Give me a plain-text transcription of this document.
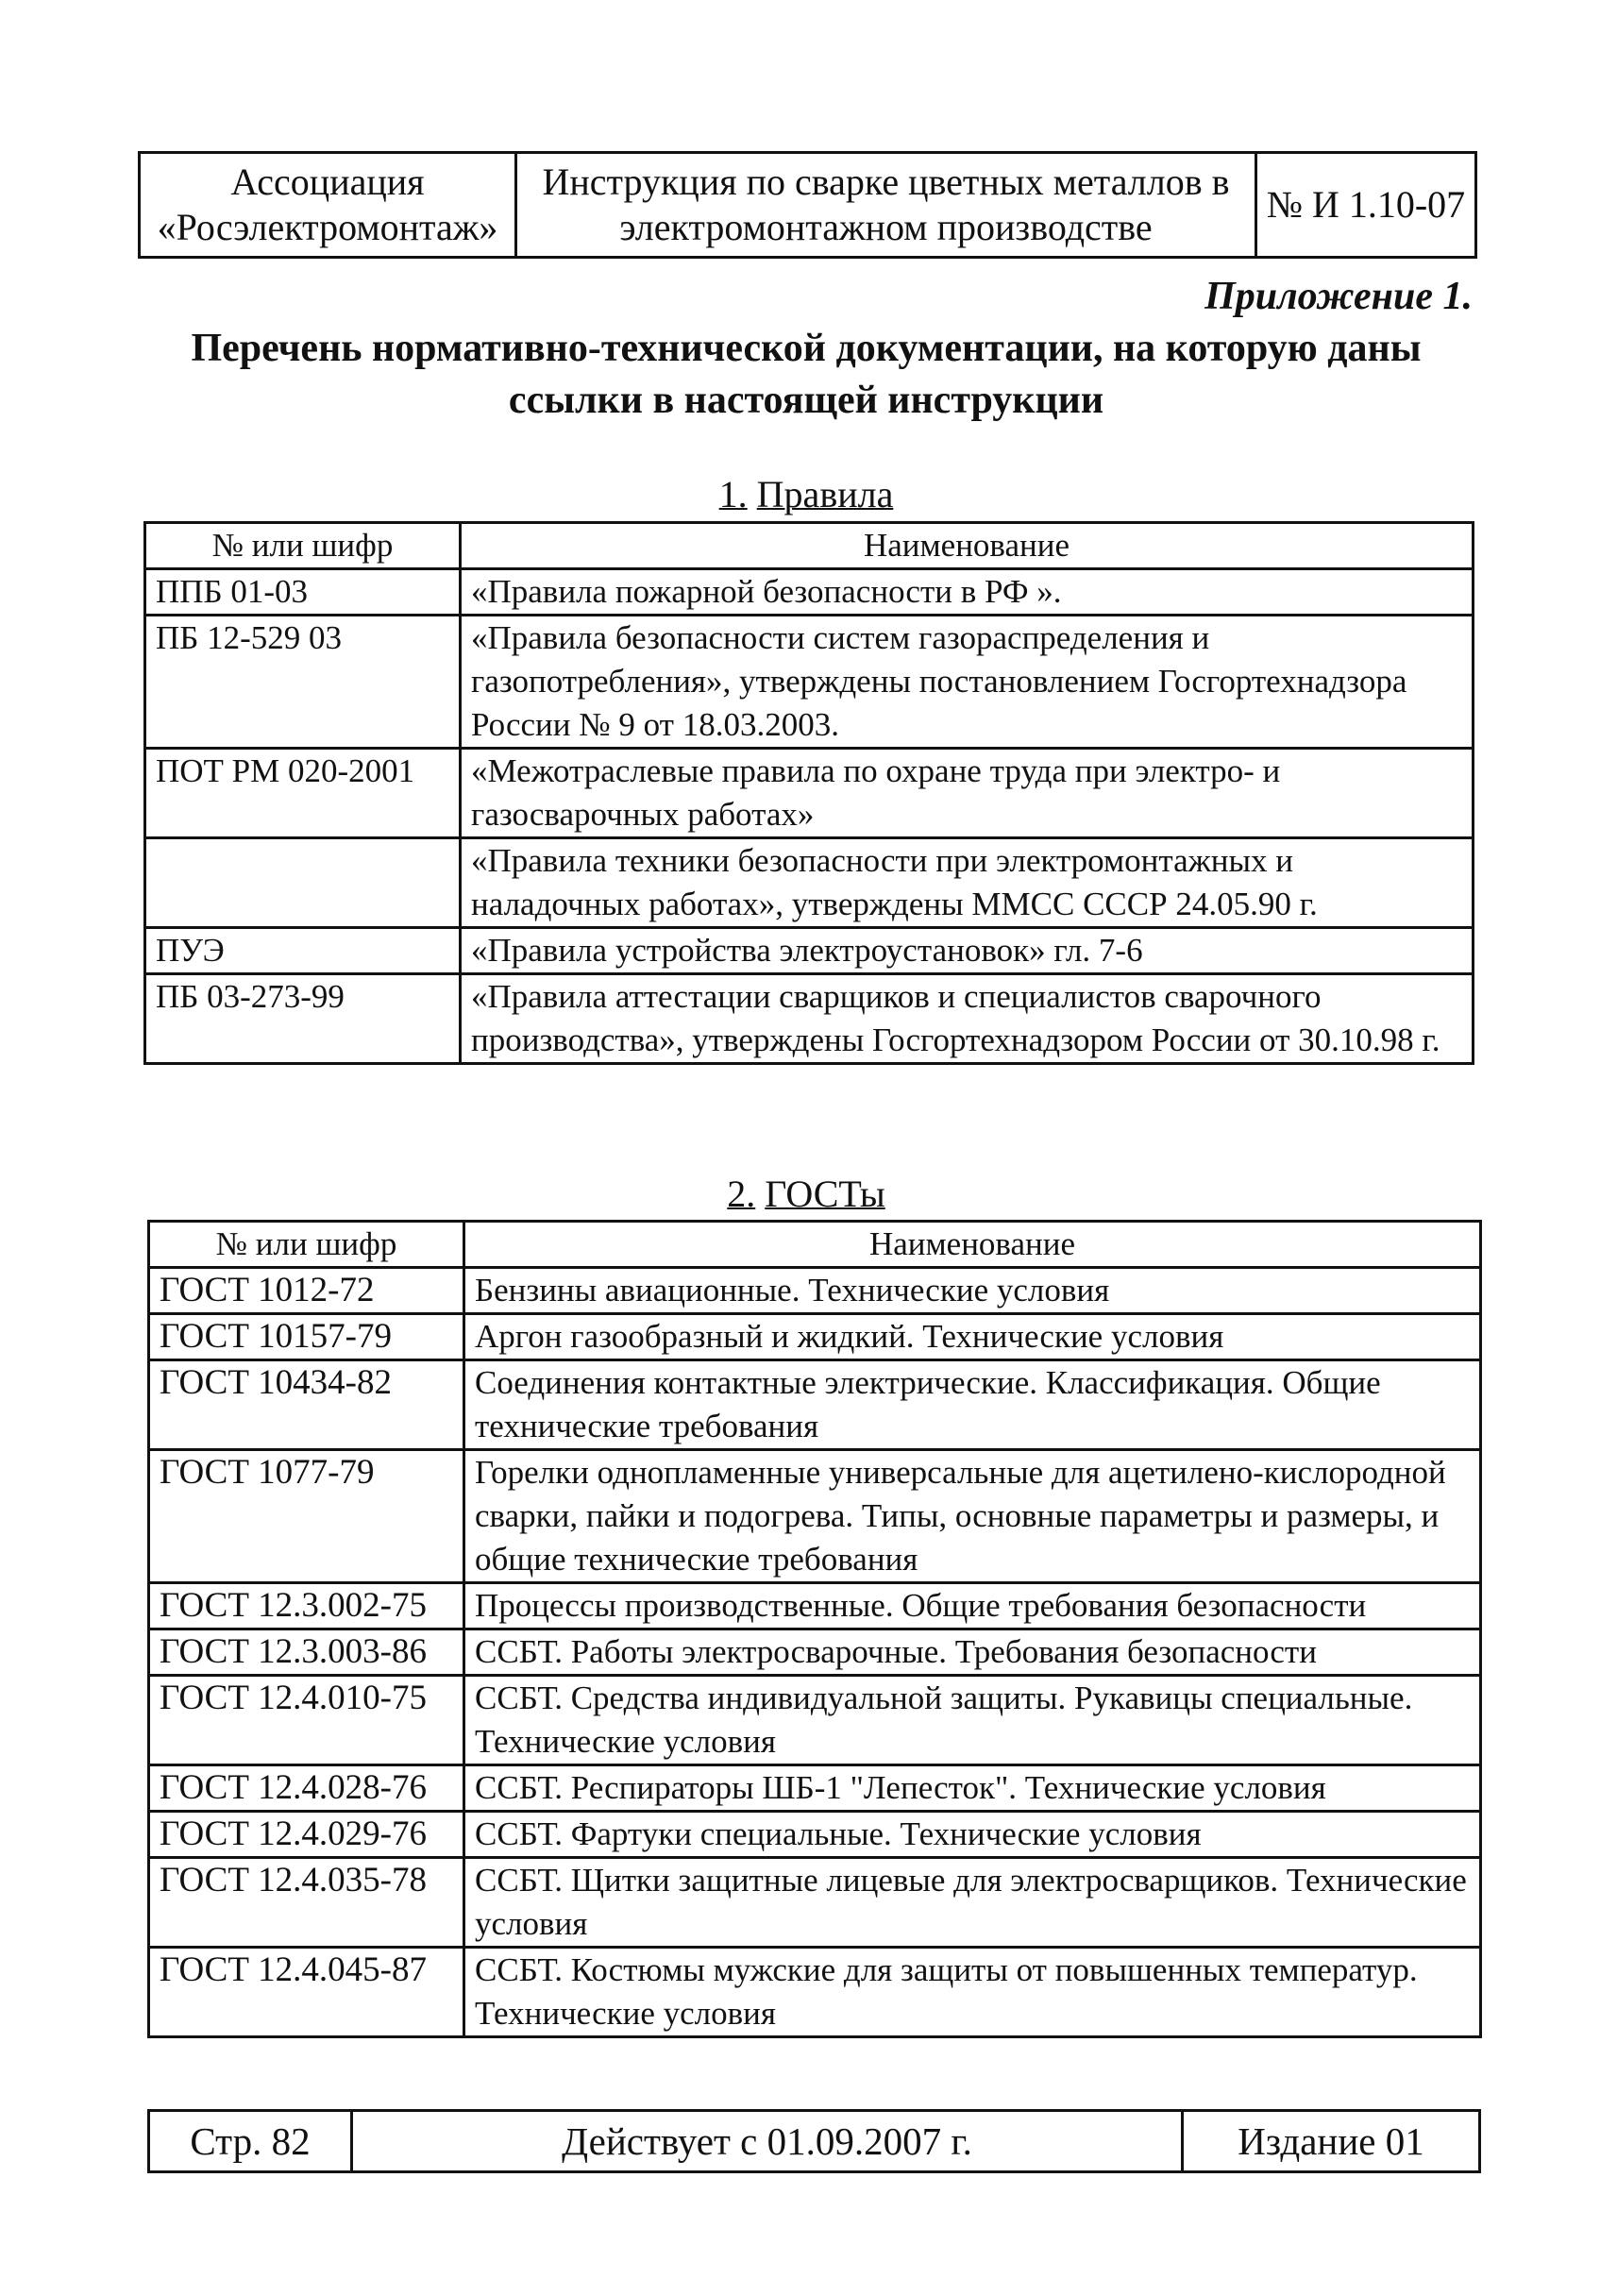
Ассоциация «Росэлектромонтаж»	Инструкция по сварке цветных металлов в электромонтажном производстве	№ И 1.10-07
Приложение 1.
Перечень нормативно-технической документации, на которую даны ссылки в настоящей инструкции
1. Правила
№ или шифр	Наименование
ППБ 01-03	«Правила пожарной безопасности в РФ ».
ПБ 12-529 03	«Правила безопасности систем газораспределения и газопотребления», утверждены постановлением Госгортехнадзора России № 9 от 18.03.2003.
ПОТ РМ 020-2001	«Межотраслевые правила по охране труда при электро- и газосварочных работах»
	«Правила техники безопасности при электромонтажных и наладочных работах», утверждены ММСС СССР 24.05.90 г.
ПУЭ	«Правила устройства электроустановок» гл. 7-6
ПБ 03-273-99	«Правила аттестации сварщиков и специалистов сварочного производства», утверждены Госгортехнадзором России от 30.10.98 г.
2. ГОСТы
№ или шифр	Наименование
ГОСТ 1012-72	Бензины авиационные. Технические условия
ГОСТ 10157-79	Аргон газообразный и жидкий. Технические условия
ГОСТ 10434-82	Соединения контактные электрические. Классификация. Общие технические требования
ГОСТ 1077-79	Горелки однопламенные универсальные для ацетилено-кислородной сварки, пайки и подогрева. Типы, основные параметры и размеры, и общие технические требования
ГОСТ 12.3.002-75	Процессы производственные. Общие требования безопасности
ГОСТ 12.3.003-86	ССБТ. Работы электросварочные. Требования безопасности
ГОСТ 12.4.010-75	ССБТ. Средства индивидуальной защиты. Рукавицы специальные. Технические условия
ГОСТ 12.4.028-76	ССБТ. Респираторы ШБ-1 "Лепесток". Технические условия
ГОСТ 12.4.029-76	ССБТ. Фартуки специальные. Технические условия
ГОСТ 12.4.035-78	ССБТ. Щитки защитные лицевые для электросварщиков. Технические условия
ГОСТ 12.4.045-87	ССБТ. Костюмы мужские для защиты от повышенных температур. Технические условия
Стр. 82	Действует с 01.09.2007 г.	Издание 01
